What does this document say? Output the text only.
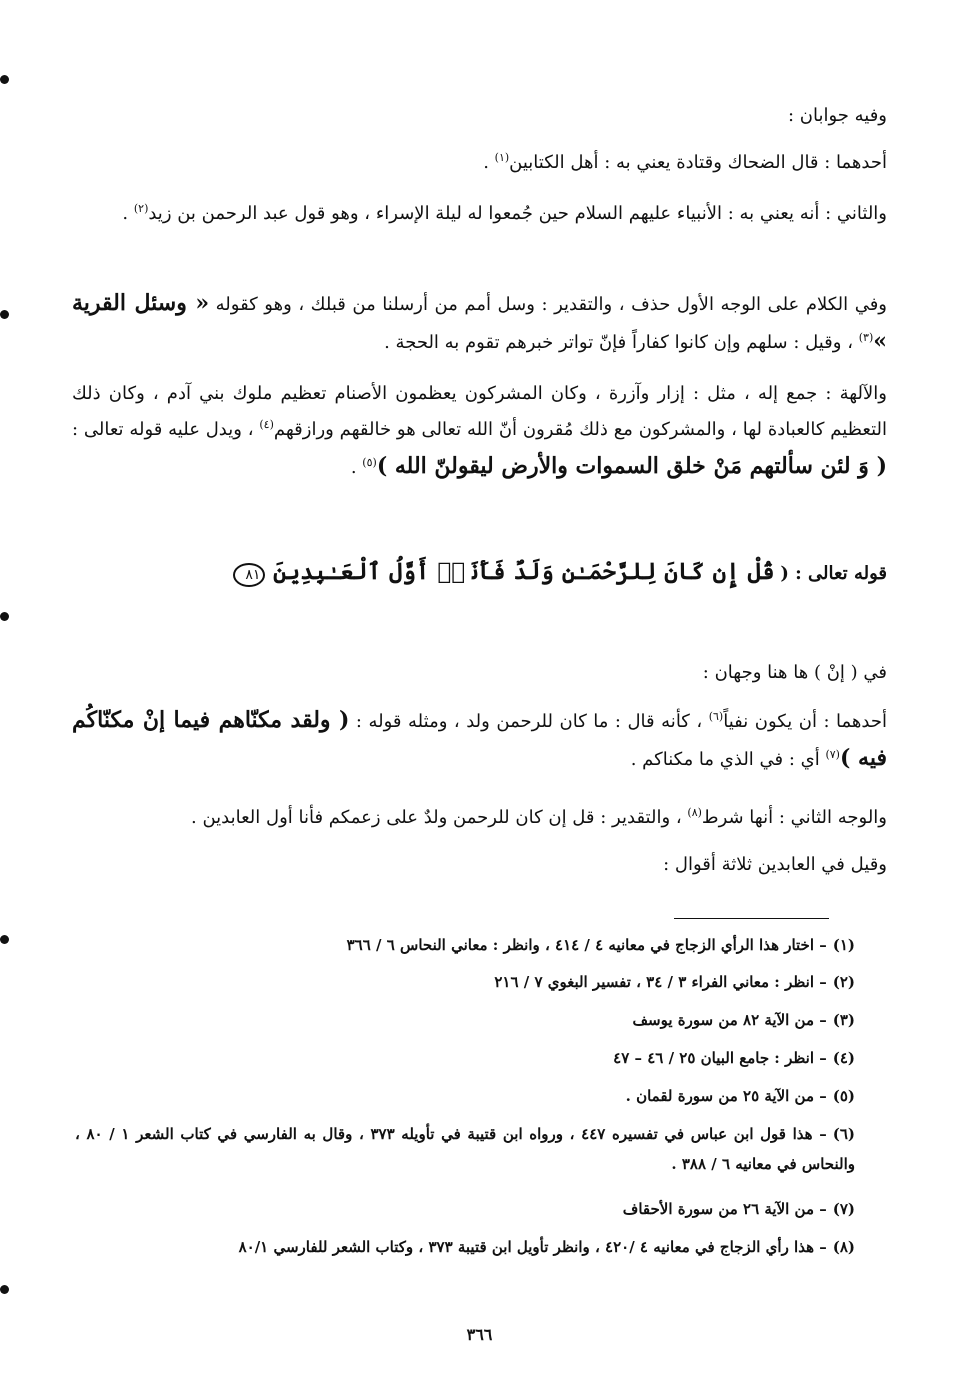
وفيه جوابان :
أحدهما : قال الضحاك وقتادة يعني به : أهل الكتابين$^{(١)}$ .
والثاني : أنه يعني به : الأنبياء عليهم السلام حين جُمعوا له ليلة الإسراء ، وهو قول عبد الرحمن بن زيد$^{(٢)}$ .
وفي الكلام على الوجه الأول حذف ، والتقدير : وسل أمم من أرسلنا من قبلك ، وهو كقوله « وسئل القرية »$^{(٣)}$ ، وقيل : سلهم وإن كانوا كفاراً فإنّ تواتر خبرهم تقوم به الحجة .
والآلهة : جمع إله ، مثل : إزار وآزرة ، وكان المشركون يعظمون الأصنام تعظيم ملوك بني آدم ، وكان ذلك التعظيم كالعبادة لها ، والمشركون مع ذلك مُقرون أنّ الله تعالى هو خالقهم ورازقهم$^{(٤)}$ ، ويدل عليه قوله تعالى : ( وَ لئن سألتهم مَنْ خلق السموات والأرض ليقولنّ الله )$^{(٥)}$ .
قوله تعالى : ( قُلْ إِن كَانَ لِلرَّحْمَـٰنِ وَلَدٌ فَأَنَا۠ أَوَّلُ ٱلْعَـٰبِدِينَ ٨١
في ( إنْ ) ها هنا وجهان :
أحدهما : أن يكون نفياً$^{(٦)}$ ، كأنه قال : ما كان للرحمن ولد ، ومثله قوله : ( ولقد مكنّاهم فيما إنْ مكنّاكُم فيه )$^{(٧)}$ أي : في الذي ما مكناكم .
والوجه الثاني : أنها شرط$^{(٨)}$ ، والتقدير : قل إن كان للرحمن ولدٌ على زعمكم فأنا أول العابدين .
وقيل في العابدين ثلاثة أقوال :
(١)– اختار هذا الرأي الزجاج في معانيه ٤ / ٤١٤ ، وانظر : معاني النحاس ٦ / ٣٦٦
(٢)– انظر : معاني الفراء ٣ / ٣٤ ، تفسير البغوي ٧ / ٢١٦
(٣)– من الآية ٨٢ من سورة يوسف
(٤)– انظر : جامع البيان ٢٥ / ٤٦ – ٤٧
(٥)– من الآية ٢٥ من سورة لقمان .
(٦)– هذا قول ابن عباس في تفسيره ٤٤٧ ، ورواه ابن قتيبة في تأويله ٣٧٣ ، وقال به الفارسي في كتاب الشعر ١ / ٨٠ ، والنحاس في معانيه ٦ / ٣٨٨ .
(٧)– من الآية ٢٦ من سورة الأحقاف
(٨)– هذا رأي الزجاج في معانيه ٤ /٤٢٠ ، وانظر تأويل ابن قتيبة ٣٧٣ ، وكتاب الشعر للفارسي ٨٠/١
٣٦٦
